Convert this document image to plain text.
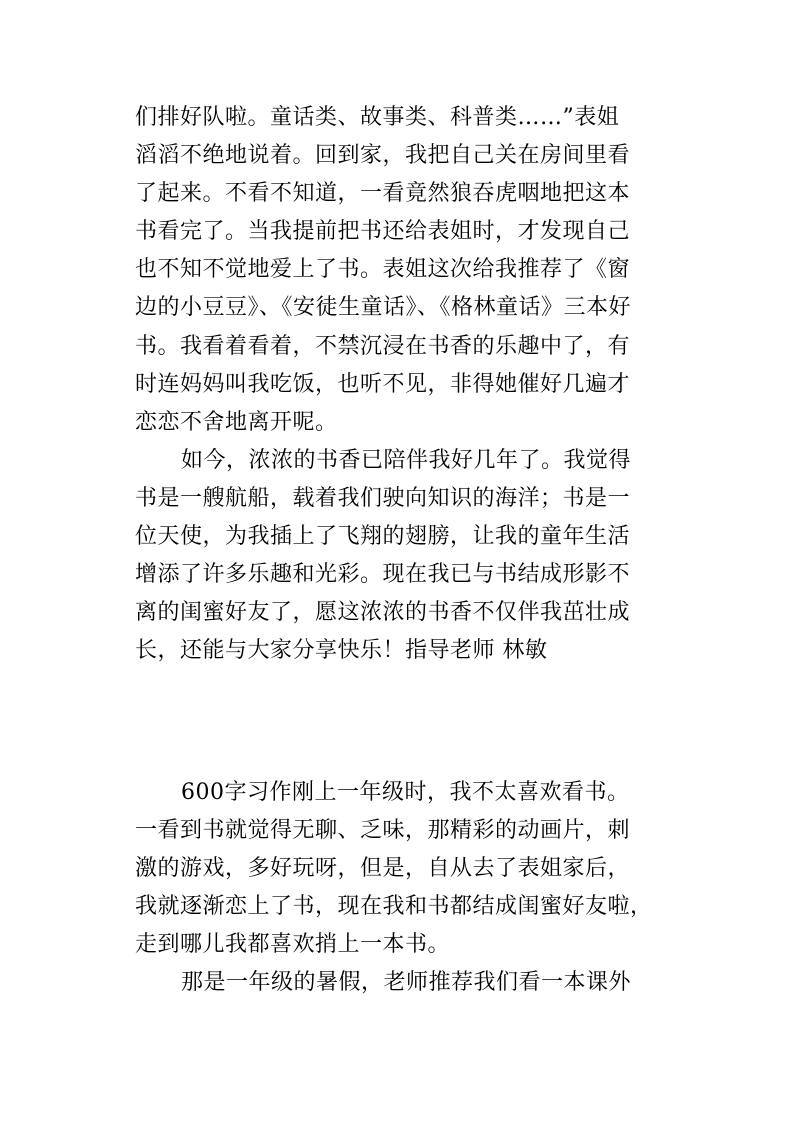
们排好队啦。童话类、故事类、科普类……”表姐
滔滔不绝地说着。回到家，我把自己关在房间里看
了起来。不看不知道，一看竟然狼吞虎咽地把这本
书看完了。当我提前把书还给表姐时，才发现自己
也不知不觉地爱上了书。表姐这次给我推荐了《窗
边的小豆豆》、《安徒生童话》、《格林童话》三本好
书。我看着看着，不禁沉浸在书香的乐趣中了，有
时连妈妈叫我吃饭，也听不见，非得她催好几遍才
恋恋不舍地离开呢。
如今，浓浓的书香已陪伴我好几年了。我觉得
书是一艘航船，载着我们驶向知识的海洋；书是一
位天使，为我插上了飞翔的翅膀，让我的童年生活
增添了许多乐趣和光彩。现在我已与书结成形影不
离的闺蜜好友了，愿这浓浓的书香不仅伴我茁壮成
长，还能与大家分享快乐！指导老师 林敏
600字习作刚上一年级时，我不太喜欢看书。
一看到书就觉得无聊、乏味，那精彩的动画片，刺
激的游戏，多好玩呀，但是，自从去了表姐家后，
我就逐渐恋上了书，现在我和书都结成闺蜜好友啦，
走到哪儿我都喜欢捎上一本书。
那是一年级的暑假，老师推荐我们看一本课外
